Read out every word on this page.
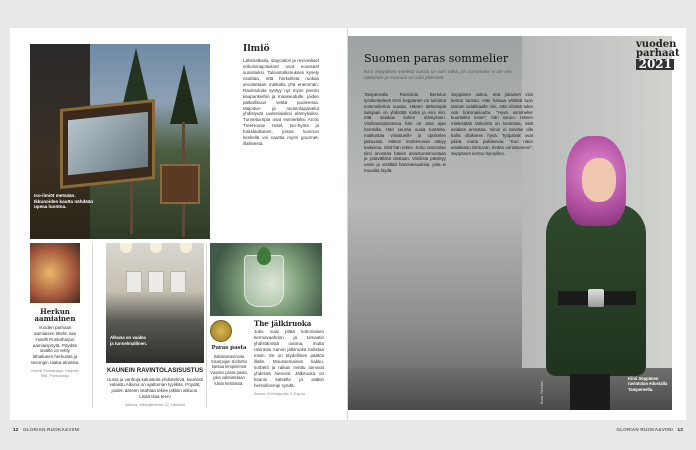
Iso-ilmiöt metsään. Ikkunoiden kautta nähdään upeaa luontoa.
Ilmiö
Lähimatkailu, staycation ja reviviviliset erikoismajoitukset ovat nousseet suosituiksi. Taloustutkimuksen kysely osoittaa, että herkullista ruokaa arvostetaan matkalla yhä enemmän. Ravintoloita syntyy nyt myös pieniin kaupunkeihin ja maaseudulle, joiden paikallisuus vetää puoleensa. Majoitus- ja ravintolapalvelut yhdistyvät uudenlaisiksi elämyksiksi. Tunnetuimpia ovat esimerkiksi Arctic TreeHouse Hotel, Iso-Syöte ja Kakslauttanen, joissa luonnon keskellä voi nauttia myös gourmet-illallisesta.
Herkun aamiainen
Vuoden parhaan aamiaisen tittelin saa Hotelli Punkaharjun aamiaispöytä. Pöydän sisältö on tehty lähialueen herkuista ja sesongin raaka-aineista.
Hotelli Punkaharju, Harjutie 596, Punkaharju
Alkuna on vaalea ja tunnelmallinen.
KAUNEIN RAVINTOLASISUSTUS
Uusia ja vanhoja kalusteita yhdistelevä, kauniisti valaistu Alkuna on ajattoman tyylikäs. Pöydät, joiden ääreen istahtaa tekee pikkiin alikuun. Lisää tilaa teen!
Alkuna, Mekrijärventie 22, Helsinki
Paras pasta
Italialaisravintola Sisarpojan Sorbetto kantaa lempinimeä Vuoden paras pasta, joka valmistetaan käsin keittiössä.
The jälkiruoka
Joku voisi pitää kokonaisen kermavaahdon ja tomaatin yhdistämistä outona, mutta ravintola Aanon jälkiruoka todistaa toisin. Se on täydellinen päätös illalle. Moussemainen kakku, sorbetti ja raikas minttu toimivat yhdessä hienosti. Jälkiruoka on kaunis katsella ja sitäkin herkullisempi syödä.
Aanon, Kiviharjuntie 2, Espoo
Suomen paras sommelier
Kirsi Seppänen mielesti vuosia on vain vähä, jos sommelier ei ole sen näköinen ja nuoruus on vain jäämistä.
Tamperealla Ravintola Bertolus työskentelevä Kirsi Seppänen on toiminut sommelierina vuosia. Hänen tärkeimpiä taitojaan on yhdistää ruoka ja viini niin, että asiakas kokee elämyksen. Viinikasvatuksessa hän on aina ajan hermolla. Hän seuraa uusia tuotteita, matkustaa viinialueille ja opiskelee jatkuvasti. Hänen intohimonsa näkyy kaikessa, mitä hän tekee. Koko ravintolan tiimi arvostaa hänen asiantuntemustaan ja ystävällistä otettaan. Viinilista päivittyy usein ja sisältää harvinaisuuksia, joita ei muualta löydä.
Seppänen uskoo, että jokainen viini kertoo tarinan. Hän haluaa välittää tuon tarinan asiakkaalle niin, että viinistä tulee osa kokonaisuutta. "Hyvä sommelier kuuntelee ensin", hän sanoo. Hänen mielestään tärkeintä on tunnistaa, mitä asiakas arvostaa. Viinin ei tarvitse olla kallis ollakseen hyvä. Työpäivät ovat pitkiä, mutta palkitsevia. "Kun näen asiakkaan ilahtuvan, tiedän onnistuneeni", Seppänen kertoo hymyillen.
Kirsi Seppänen ravintolan edustalla Tampereella.
Kuva: Toimitus
vuoden
parhaat
2021
12 GLORIAN RUOKA&VIINI	GLORIAN RUOKA&VIINI 13
